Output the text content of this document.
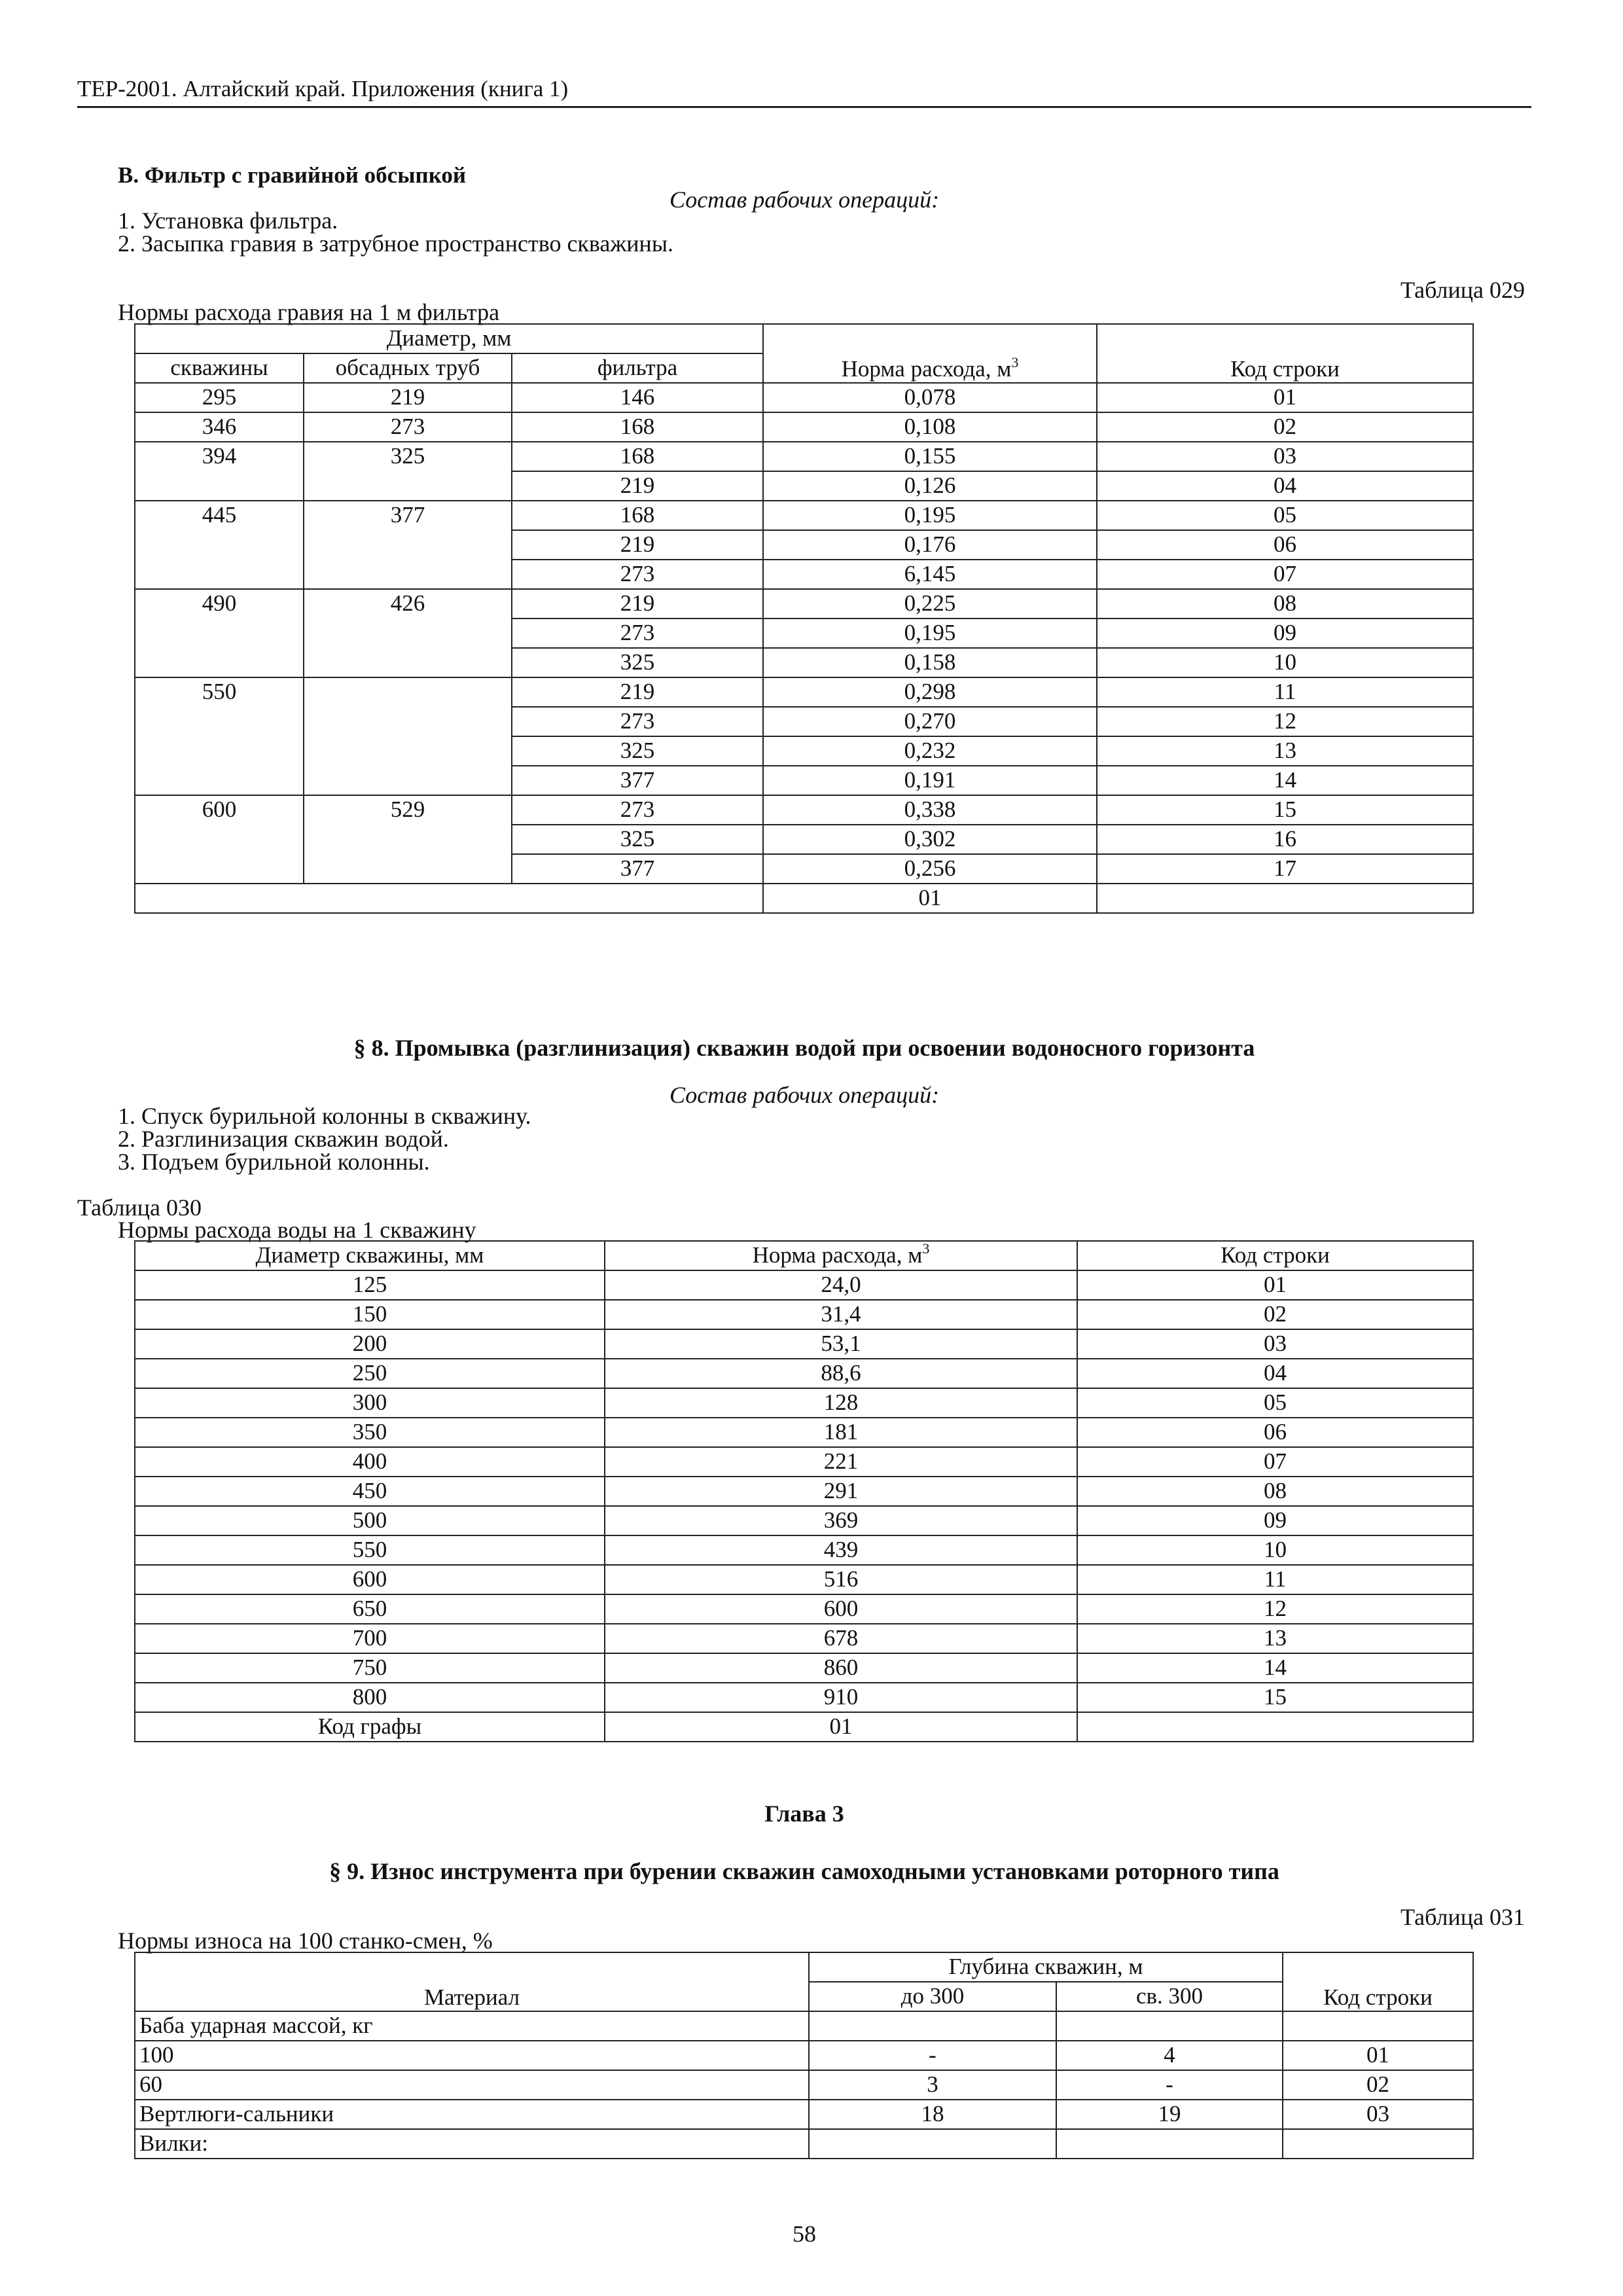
ТЕР-2001. Алтайский край. Приложения (книга 1)
В. Фильтр с гравийной обсыпкой
Состав рабочих операций:
1. Установка фильтра.
2. Засыпка гравия в затрубное пространство скважины.
Таблица 029
Нормы расхода гравия на 1 м фильтра
Диаметр, мм			Норма расхода, $м^3$	Код строки
скважины	обсадных труб	фильтра		
295	219	146	0,078	01
346	273	168	0,108	02
394	325	168	0,155	03
		219	0,126	04
445	377	168	0,195	05
		219	0,176	06
		273	6,145	07
490	426	219	0,225	08
		273	0,195	09
		325	0,158	10
550		219	0,298	11
		273	0,270	12
		325	0,232	13
		377	0,191	14
600	529	273	0,338	15
		325	0,302	16
		377	0,256	17
			01	
§ 8. Промывка (разглинизация) скважин водой при освоении водоносного горизонта
Состав рабочих операций:
1. Спуск бурильной колонны в скважину.
2. Разглинизация скважин водой.
3. Подъем бурильной колонны.
Таблица 030
Нормы расхода воды на 1 скважину
Диаметр скважины, мм	Норма расхода, $м^3$	Код строки
125	24,0	01
150	31,4	02
200	53,1	03
250	88,6	04
300	128	05
350	181	06
400	221	07
450	291	08
500	369	09
550	439	10
600	516	11
650	600	12
700	678	13
750	860	14
800	910	15
Код графы	01	
Глава 3
§ 9. Износ инструмента при бурении скважин самоходными установками роторного типа
Таблица 031
Нормы износа на 100 станко-смен, %
Материал	Глубина скважин, м		Код строки
	до 300	св. 300	
Баба ударная массой, кг			
100	-	4	01
60	3	-	02
Вертлюги-сальники	18	19	03
Вилки:			
58
